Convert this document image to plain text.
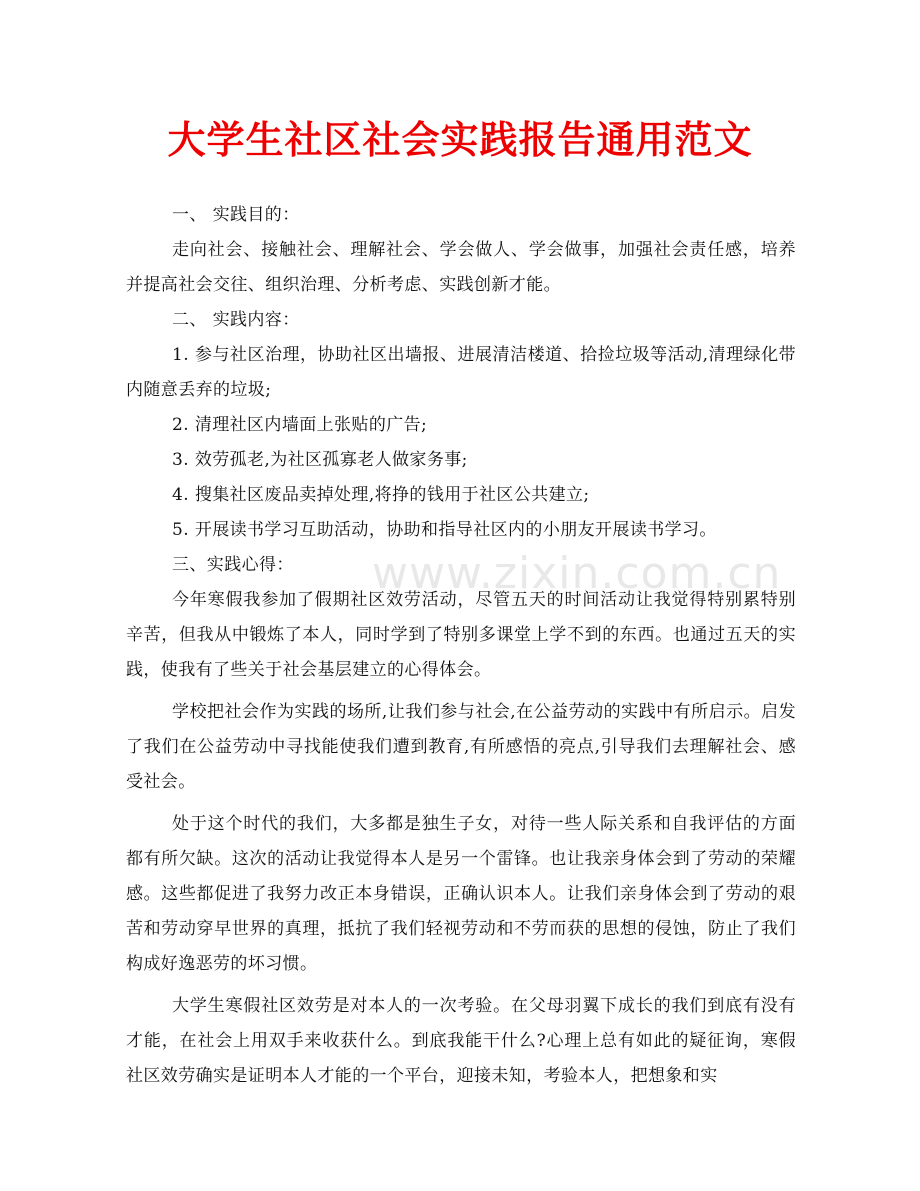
大学生社区社会实践报告通用范文
www.zixin.com.cn

一、 实践目的：

走向社会、接触社会、理解社会、学会做人、学会做事，加强社会责任感，培养并提高社会交往、组织治理、分析考虑、实践创新才能。

二、 实践内容：

1. 参与社区治理，协助社区出墙报、进展清洁楼道、拾捡垃圾等活动,清理绿化带内随意丢弃的垃圾;

2. 清理社区内墙面上张贴的广告;

3. 效劳孤老,为社区孤寡老人做家务事;

4. 搜集社区废品卖掉处理,将挣的钱用于社区公共建立;

5. 开展读书学习互助活动，协助和指导社区内的小朋友开展读书学习。

三、实践心得：

今年寒假我参加了假期社区效劳活动，尽管五天的时间活动让我觉得特别累特别辛苦，但我从中锻炼了本人，同时学到了特别多课堂上学不到的东西。也通过五天的实践，使我有了些关于社会基层建立的心得体会。

学校把社会作为实践的场所,让我们参与社会,在公益劳动的实践中有所启示。启发了我们在公益劳动中寻找能使我们遭到教育,有所感悟的亮点,引导我们去理解社会、感受社会。

处于这个时代的我们，大多都是独生子女，对待一些人际关系和自我评估的方面都有所欠缺。这次的活动让我觉得本人是另一个雷锋。也让我亲身体会到了劳动的荣耀感。这些都促进了我努力改正本身错误，正确认识本人。让我们亲身体会到了劳动的艰苦和劳动穿早世界的真理，抵抗了我们轻视劳动和不劳而获的思想的侵蚀，防止了我们构成好逸恶劳的坏习惯。

大学生寒假社区效劳是对本人的一次考验。在父母羽翼下成长的我们到底有没有才能，在社会上用双手来收获什么。到底我能干什么?心理上总有如此的疑征询，寒假社区效劳确实是证明本人才能的一个平台，迎接未知，考验本人，把想象和实
